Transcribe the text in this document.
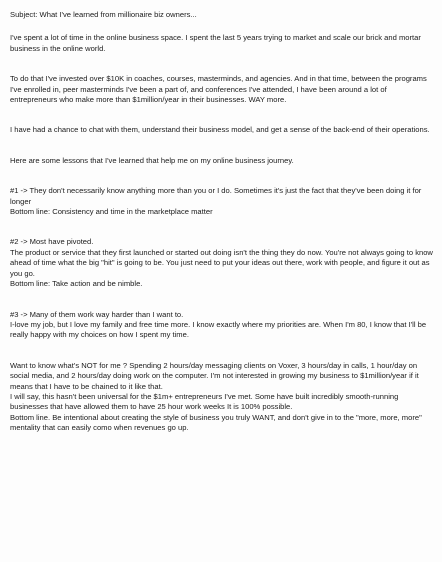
Subject: What I've learned from millionaire biz owners...

I've spent a lot of time in the online business space. I spent the last 5 years trying to market and scale our brick and mortar business in the online world.

To do that I've invested over $10K in coaches, courses, masterminds, and agencies. And in that time, between the programs I've enrolled in, peer masterminds I've been a part of, and conferences I've attended, I have been around a lot of entrepreneurs who make more than $1million/year in their businesses. WAY more.

I have had a chance to chat with them, understand their business model, and get a sense of the back-end of their operations.

Here are some lessons that I've learned that help me on my online business journey.

#1 -> They don't necessarily know anything more than you or I do. Sometimes it's just the fact that they've been doing it for longer

Bottom line: Consistency and time in the marketplace matter

#2 -> Most have pivoted.

The product or service that they first launched or started out doing isn't the thing they do now. You're not always going to know ahead of time what the big "hit" is going to be. You just need to put your ideas out there, work with people, and figure it out as you go.

Bottom line: Take action and be nimble.

#3 -> Many of them work way harder than I want to.

I-love my job, but I love my family and free time more. I know exactly where my priorities are. When I'm 80, I know that I'll be really happy with my choices on how I spent my time.

Want to know what's NOT for me ? Spending 2 hours/day messaging clients on Voxer, 3 hours/day in calls, 1 hour/day on social media, and 2 hours/day doing work on the computer. I'm not interested in growing my business to $1million/year if it means that I have to be chained to it like that.

I will say, this hasn't been universal for the $1m+ entrepreneurs I've met. Some have built incredibly smooth-running businesses that have allowed them to have 25 hour work weeks It is 100% possible.

Bottom line. Be intentional about creating the style of business you truly WANT, and don't give in to the "more, more, more" mentality that can easily como when revenues go up.
